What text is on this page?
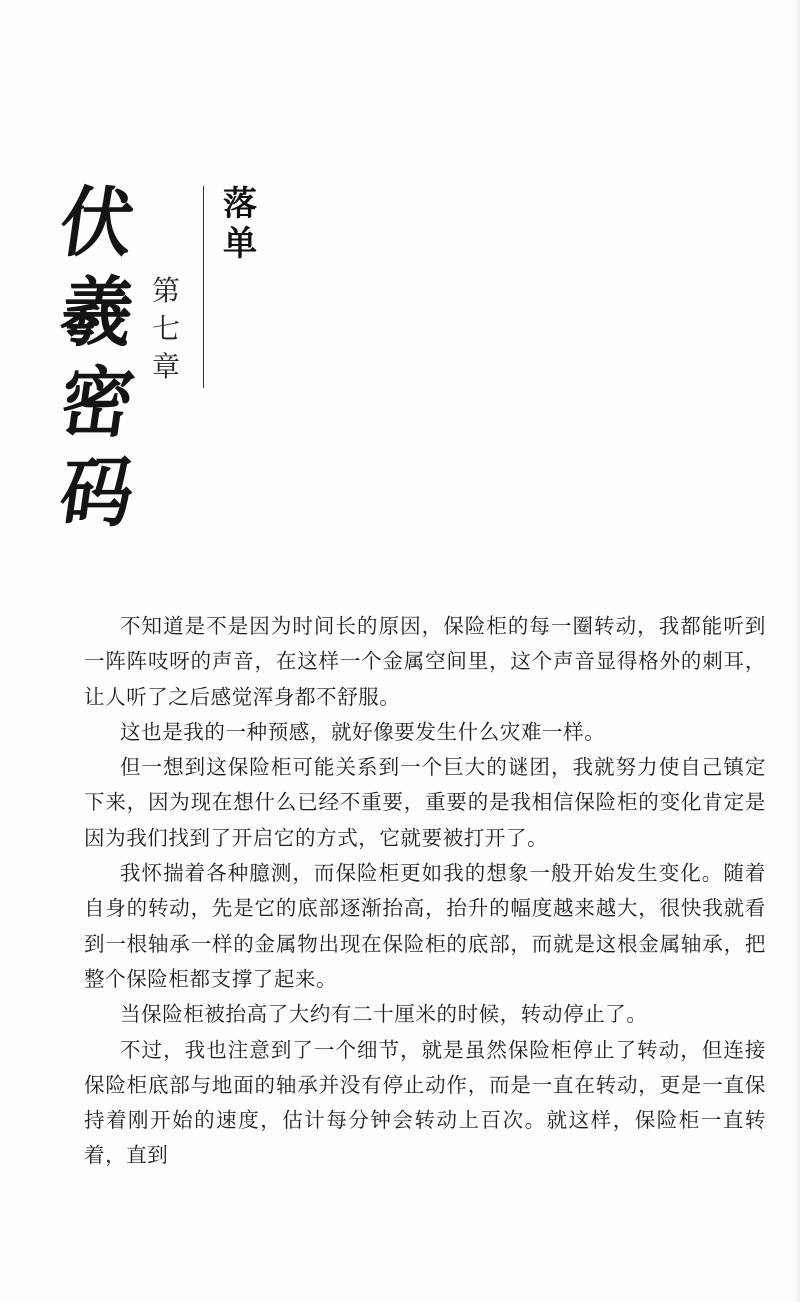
伏
羲
密
码
第
七
章
落
单

不知道是不是因为时间长的原因，保险柜的每一圈转动，我都能听到一阵阵吱呀的声音，在这样一个金属空间里，这个声音显得格外的刺耳，让人听了之后感觉浑身都不舒服。

这也是我的一种预感，就好像要发生什么灾难一样。

但一想到这保险柜可能关系到一个巨大的谜团，我就努力使自己镇定下来，因为现在想什么已经不重要，重要的是我相信保险柜的变化肯定是因为我们找到了开启它的方式，它就要被打开了。

我怀揣着各种臆测，而保险柜更如我的想象一般开始发生变化。随着自身的转动，先是它的底部逐渐抬高，抬升的幅度越来越大，很快我就看到一根轴承一样的金属物出现在保险柜的底部，而就是这根金属轴承，把整个保险柜都支撑了起来。

当保险柜被抬高了大约有二十厘米的时候，转动停止了。

不过，我也注意到了一个细节，就是虽然保险柜停止了转动，但连接保险柜底部与地面的轴承并没有停止动作，而是一直在转动，更是一直保持着刚开始的速度，估计每分钟会转动上百次。就这样，保险柜一直转着，直到
